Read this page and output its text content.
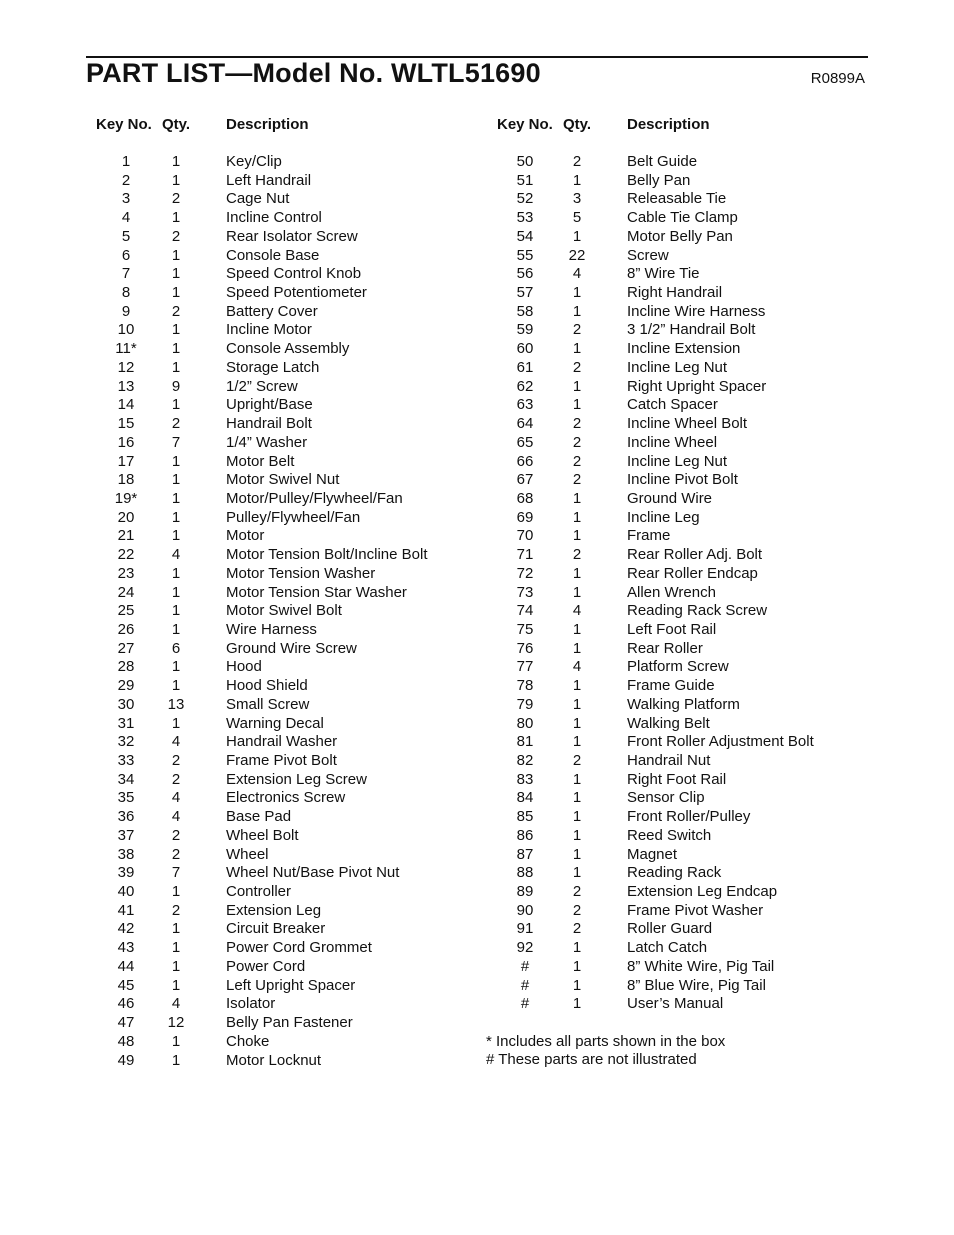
PART LIST—Model No. WLTL51690	R0899A
Key No. Qty. Description	Key No. Qty. Description
1	1	Key/Clip
2	1	Left Handrail
3	2	Cage Nut
4	1	Incline Control
5	2	Rear Isolator Screw
6	1	Console Base
7	1	Speed Control Knob
8	1	Speed Potentiometer
9	2	Battery Cover
10	1	Incline Motor
11*	1	Console Assembly
12	1	Storage Latch
13	9	1/2” Screw
14	1	Upright/Base
15	2	Handrail Bolt
16	7	1/4” Washer
17	1	Motor Belt
18	1	Motor Swivel Nut
19*	1	Motor/Pulley/Flywheel/Fan
20	1	Pulley/Flywheel/Fan
21	1	Motor
22	4	Motor Tension Bolt/Incline Bolt
23	1	Motor Tension Washer
24	1	Motor Tension Star Washer
25	1	Motor Swivel Bolt
26	1	Wire Harness
27	6	Ground Wire Screw
28	1	Hood
29	1	Hood Shield
30	13	Small Screw
31	1	Warning Decal
32	4	Handrail Washer
33	2	Frame Pivot Bolt
34	2	Extension Leg Screw
35	4	Electronics Screw
36	4	Base Pad
37	2	Wheel Bolt
38	2	Wheel
39	7	Wheel Nut/Base Pivot Nut
40	1	Controller
41	2	Extension Leg
42	1	Circuit Breaker
43	1	Power Cord Grommet
44	1	Power Cord
45	1	Left Upright Spacer
46	4	Isolator
47	12	Belly Pan Fastener
48	1	Choke
49	1	Motor Locknut
50	2	Belt Guide
51	1	Belly Pan
52	3	Releasable Tie
53	5	Cable Tie Clamp
54	1	Motor Belly Pan
55	22	Screw
56	4	8” Wire Tie
57	1	Right Handrail
58	1	Incline Wire Harness
59	2	3 1/2” Handrail Bolt
60	1	Incline Extension
61	2	Incline Leg Nut
62	1	Right Upright Spacer
63	1	Catch Spacer
64	2	Incline Wheel Bolt
65	2	Incline Wheel
66	2	Incline Leg Nut
67	2	Incline Pivot Bolt
68	1	Ground Wire
69	1	Incline Leg
70	1	Frame
71	2	Rear Roller Adj. Bolt
72	1	Rear Roller Endcap
73	1	Allen Wrench
74	4	Reading Rack Screw
75	1	Left Foot Rail
76	1	Rear Roller
77	4	Platform Screw
78	1	Frame Guide
79	1	Walking Platform
80	1	Walking Belt
81	1	Front Roller Adjustment Bolt
82	2	Handrail Nut
83	1	Right Foot Rail
84	1	Sensor Clip
85	1	Front Roller/Pulley
86	1	Reed Switch
87	1	Magnet
88	1	Reading Rack
89	2	Extension Leg Endcap
90	2	Frame Pivot Washer
91	2	Roller Guard
92	1	Latch Catch
#	1	8” White Wire, Pig Tail
#	1	8” Blue Wire, Pig Tail
#	1	User’s Manual
* Includes all parts shown in the box
# These parts are not illustrated
